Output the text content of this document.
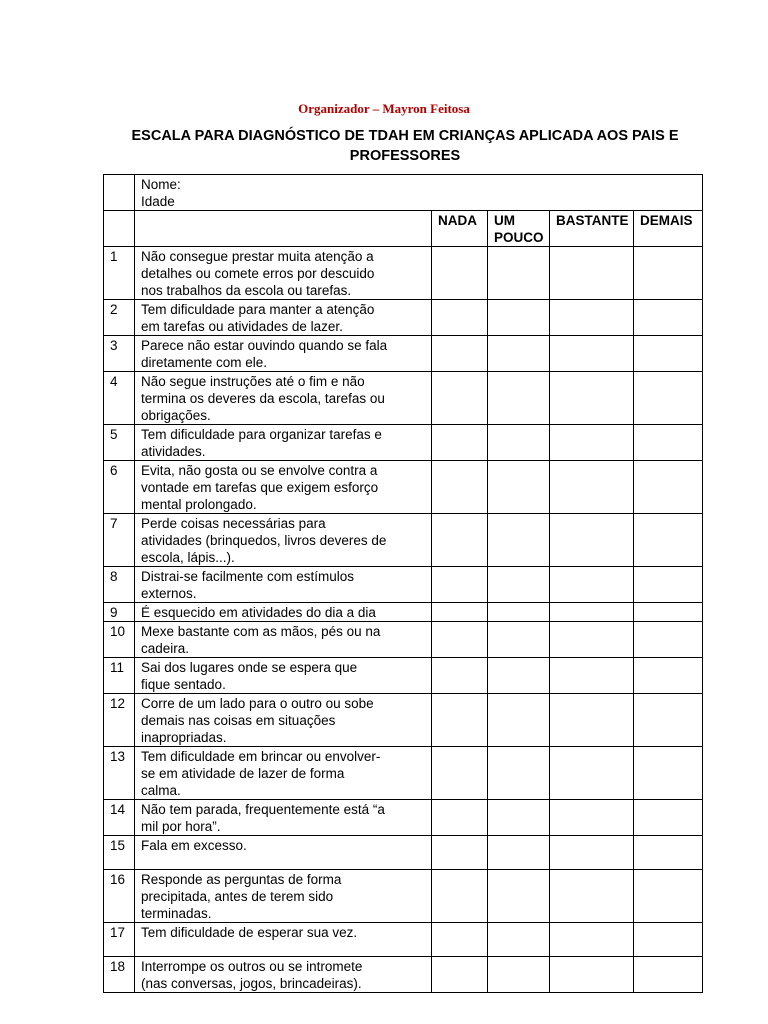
Organizador – Mayron Feitosa
ESCALA PARA DIAGNÓSTICO DE TDAH EM CRIANÇAS APLICADA AOS PAIS E PROFESSORES

	Nome:
Idade				

		NADA	UM POUCO	BASTANTE	DEMAIS
1	Não consegue prestar muita atenção a
detalhes ou comete erros por descuido
nos trabalhos da escola ou tarefas.				
2	Tem dificuldade para manter a atenção
em tarefas ou atividades de lazer.				
3	Parece não estar ouvindo quando se fala
diretamente com ele.				
4	Não segue instruções até o fim e não
termina os deveres da escola, tarefas ou
obrigações.				
5	Tem dificuldade para organizar tarefas e
atividades.				
6	Evita, não gosta ou se envolve contra a
vontade em tarefas que exigem esforço
mental prolongado.				
7	Perde coisas necessárias para
atividades (brinquedos, livros deveres de
escola, lápis...).				
8	Distrai-se facilmente com estímulos
externos.				
9	É esquecido em atividades do dia a dia				
10	Mexe bastante com as mãos, pés ou na
cadeira.				
11	Sai dos lugares onde se espera que
fique sentado.				
12	Corre de um lado para o outro ou sobe
demais nas coisas em situações
inapropriadas.				
13	Tem dificuldade em brincar ou envolver-
se em atividade de lazer de forma
calma.				
14	Não tem parada, frequentemente está “a
mil por hora”.				
15	Fala em excesso.				
16	Responde as perguntas de forma
precipitada, antes de terem sido
terminadas.				
17	Tem dificuldade de esperar sua vez.				
18	Interrompe os outros ou se intromete
(nas conversas, jogos, brincadeiras).				
